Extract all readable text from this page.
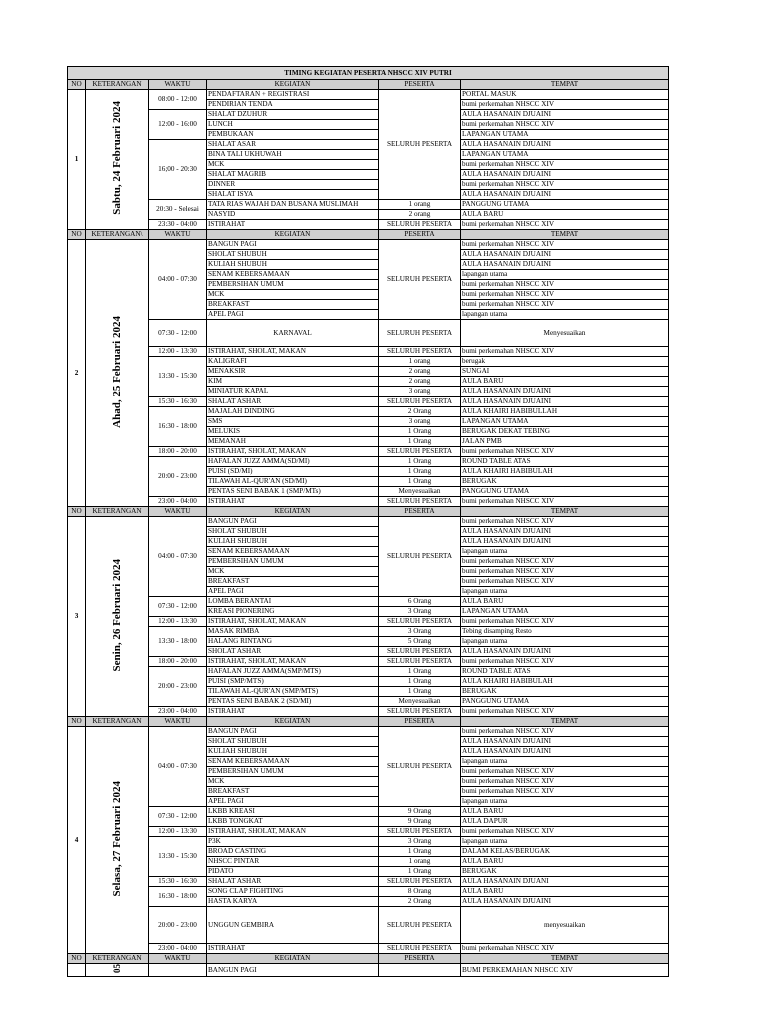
TIMING KEGIATAN PESERTA NHSCC XIV PUTRI					
NO	KETERANGAN	WAKTU	KEGIATAN	PESERTA	TEMPAT
1	Sabtu, 24 Februari 2024	08:00 - 12:00	PENDAFTARAN + REGISTRASI	SELURUH PESERTA	PORTAL MASUK
			PENDIRIAN TENDA		bumi perkemahan NHSCC XIV
		12:00 - 16:00	SHALAT DZUHUR		AULA HASANAIN DJUAINI
			LUNCH		bumi perkemahan NHSCC XIV
			PEMBUKAAN		LAPANGAN UTAMA
		16;00 - 20:30	SHALAT ASAR		AULA HASANAIN DJUAINI
			BINA TALI UKHUWAH		LAPANGAN UTAMA
			MCK		bumi perkemahan NHSCC XIV
			SHALAT MAGRIB		AULA HASANAIN DJUAINI
			DINNER		bumi perkemahan NHSCC XIV
			SHALAT ISYA		AULA HASANAIN DJUAINI
		20:30 - Selesai	TATA RIAS WAJAH DAN BUSANA MUSLIMAH	1 orang	PANGGUNG UTAMA
			NASYID	2 orang	AULA BARU
		23:30 - 04:00	ISTIRAHAT	SELURUH PESERTA	bumi perkemahan NHSCC XIV
NO	KETERANGAN\	WAKTU	KEGIATAN	PESERTA	TEMPAT
2	Ahad, 25 Februari 2024	04:00 - 07:30	BANGUN PAGI	SELURUH PESERTA	bumi perkemahan NHSCC XIV
			SHOLAT SHUBUH		AULA HASANAIN DJUAINI
			KULIAH SHUBUH		AULA HASANAIN DJUAINI
			SENAM KEBERSAMAAN		lapangan utama
			PEMBERSIHAN UMUM		bumi perkemahan NHSCC XIV
			MCK		bumi perkemahan NHSCC XIV
			BREAKFAST		bumi perkemahan NHSCC XIV
			APEL PAGI		lapangan utama
		07:30 - 12:00	KARNAVAL	SELURUH PESERTA	Menyesuaikan
		12:00 - 13:30	ISTIRAHAT, SHOLAT, MAKAN	SELURUH PESERTA	bumi perkemahan NHSCC XIV
		13:30 - 15:30	KALIGRAFI	1 orang	berugak
			MENAKSIR	2 orang	SUNGAI
			KIM	2 orang	AULA BARU
			MINIATUR KAPAL	3 orang	AULA HASANAIN DJUAINI
		15:30 - 16:30	SHALAT ASHAR	SELURUH PESERTA	AULA HASANAIN DJUAINI
		16:30 - 18:00	MAJALAH DINDING	2 Orang	AULA KHAIRI HABIBULLAH
			SMS	3 orang	LAPANGAN UTAMA
			MELUKIS	1 Orang	BERUGAK DEKAT TEBING
			MEMANAH	1 Orang	JALAN PMB
		18:00 - 20:00	ISTIRAHAT, SHOLAT, MAKAN	SELURUH PESERTA	bumi perkemahan NHSCC XIV
		20:00 - 23:00	HAFALAN JUZZ AMMA(SD/MI)	1 Orang	ROUND TABLE ATAS
			PUISI (SD/MI)	1 Orang	AULA KHAIRI HABIBULAH
			TILAWAH AL-QUR'AN (SD/MI)	1 Orang	BERUGAK
			PENTAS SENI BABAK 1 (SMP/MTs)	Menyesuaikan	PANGGUNG UTAMA
		23:00 - 04:00	ISTIRAHAT	SELURUH PESERTA	bumi perkemahan NHSCC XIV
NO	KETERANGAN	WAKTU	KEGIATAN	PESERTA	TEMPAT
3	Senin, 26 Februari 2024	04:00 - 07:30	BANGUN PAGI	SELURUH PESERTA	bumi perkemahan NHSCC XIV
			SHOLAT SHUBUH		AULA HASANAIN DJUAINI
			KULIAH SHUBUH		AULA HASANAIN DJUAINI
			SENAM KEBERSAMAAN		lapangan utama
			PEMBERSIHAN UMUM		bumi perkemahan NHSCC XIV
			MCK		bumi perkemahan NHSCC XIV
			BREAKFAST		bumi perkemahan NHSCC XIV
			APEL PAGI		lapangan utama
		07:30 - 12:00	LOMBA BERANTAI	6 Orang	AULA BARU
			KREASI PIONERING	3 Orang	LAPANGAN UTAMA
		12:00 - 13:30	ISTIRAHAT, SHOLAT, MAKAN	SELURUH PESERTA	bumi perkemahan NHSCC XIV
		13:30 - 18:00	MASAK RIMBA	3 Orang	Tebing disamping Resto
			HALANG RINTANG	5 Orang	lapangan utama
			SHOLAT ASHAR	SELURUH PESERTA	AULA HASANAIN DJUAINI
		18:00 - 20:00	ISTIRAHAT, SHOLAT, MAKAN	SELURUH PESERTA	bumi perkemahan NHSCC XIV
		20:00 - 23:00	HAFALAN JUZZ AMMA(SMP/MTS)	1 Orang	ROUND TABLE ATAS
			PUISI (SMP/MTS)	1 Orang	AULA KHAIRI HABIBULAH
			TILAWAH AL-QUR'AN (SMP/MTS)	1 Orang	BERUGAK
			PENTAS SENI BABAK 2 (SD/MI)	Menyesuaikan	PANGGUNG UTAMA
		23:00 - 04:00	ISTIRAHAT	SELURUH PESERTA	bumi perkemahan NHSCC XIV
NO	KETERANGAN	WAKTU	KEGIATAN	PESERTA	TEMPAT
4	Selasa, 27 Februari 2024	04:00 - 07:30	BANGUN PAGI	SELURUH PESERTA	bumi perkemahan NHSCC XIV
			SHOLAT SHUBUH		AULA HASANAIN DJUAINI
			KULIAH SHUBUH		AULA HASANAIN DJUAINI
			SENAM KEBERSAMAAN		lapangan utama
			PEMBERSIHAN UMUM		bumi perkemahan NHSCC XIV
			MCK		bumi perkemahan NHSCC XIV
			BREAKFAST		bumi perkemahan NHSCC XIV
			APEL PAGI		lapangan utama
		07:30 - 12:00	LKBB KREASI	9 Orang	AULA BARU
			LKBB TONGKAT	9 Orang	AULA DAPUR
		12:00 - 13:30	ISTIRAHAT, SHOLAT, MAKAN	SELURUH PESERTA	bumi perkemahan NHSCC XIV
		13:30 - 15:30	P3K	3 Orang	lapangan utama
			BROAD CASTING	1 Orang	DALAM KELAS/BERUGAK
			NHSCC PINTAR	1 orang	AULA BARU
			PIDATO	1 Orang	BERUGAK
		15:30 - 16:30	SHALAT ASHAR	SELURUH PESERTA	AULA HASANAIN DJUANI
		16:30 - 18:00	SONG CLAP FIGHTING	8 Orang	AULA BARU
			HASTA KARYA	2 Orang	AULA HASANAIN DJUAINI
		20:00 - 23:00	UNGGUN GEMBIRA	SELURUH PESERTA	menyesuaikan
		23:00 - 04:00	ISTIRAHAT	SELURUH PESERTA	bumi perkemahan NHSCC XIV
NO	KETERANGAN	WAKTU	KEGIATAN	PESERTA	TEMPAT
	05		BANGUN PAGI		BUMI PERKEMAHAN NHSCC XIV
